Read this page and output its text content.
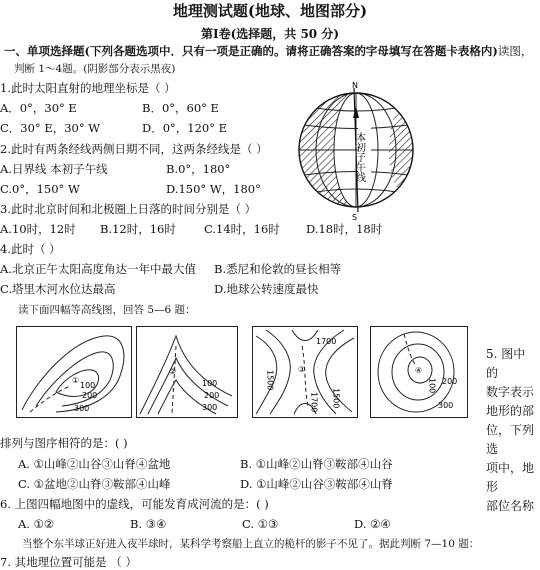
地理测试题(地球、地图部分)
第Ⅰ卷(选择题，共 50 分)
一、单项选择题(下列各题选项中．只有一项是正确的。请将正确答案的字母填写在答题卡表格内)读图，
判断 1～4题。(阴影部分表示黑夜)
1.此时太阳直射的地理坐标是（ ）
A．0°，30° E	B．0°，60° E
C．30° E，30° W	D．0°，120° E
2.此时有两条经线两侧日期不同，这两条经线是（ ）
A.日界线 本初子午线	B.0°，180°
C.0°，150° W	D.150° W，180°
3.此时北京时间和北极圈上日落的时间分别是（ ）
A.10时，12时 B.12时，16时 C.14时，16时 D.18时，18时
4.此时（ ）
A.北京正午太阳高度角达一年中最大值 B.悉尼和伦敦的昼长相等
C.塔里木河水位达最高	D.地球公转速度最快
读下面四幅等高线图，回答 5—6 题：
N
S
本初子午线
①
100
200
300
②
100
200
300
③
1700
1500
1700 1500
④
100 200
300
5. 图中的
数字表示
地形的部
位，下列选
项中，地形
部位名称
排列与图序相符的是：( )
A. ①山峰②山谷③山脊④盆地	B. ①山峰②山脊③鞍部④山谷
C. ①盆地②山脊③鞍部④山峰	D. ①山峰②山谷③鞍部④山脊
6. 上图四幅地图中的虚线，可能发育成河流的是：( )
A. ①②	B. ③④	C. ①③	D. ②④
当整个东半球正好进入夜半球时，某科学考察船上直立的桅杆的影子不见了。据此判断 7—10 题：
7. 其地理位置可能是 （ ）
